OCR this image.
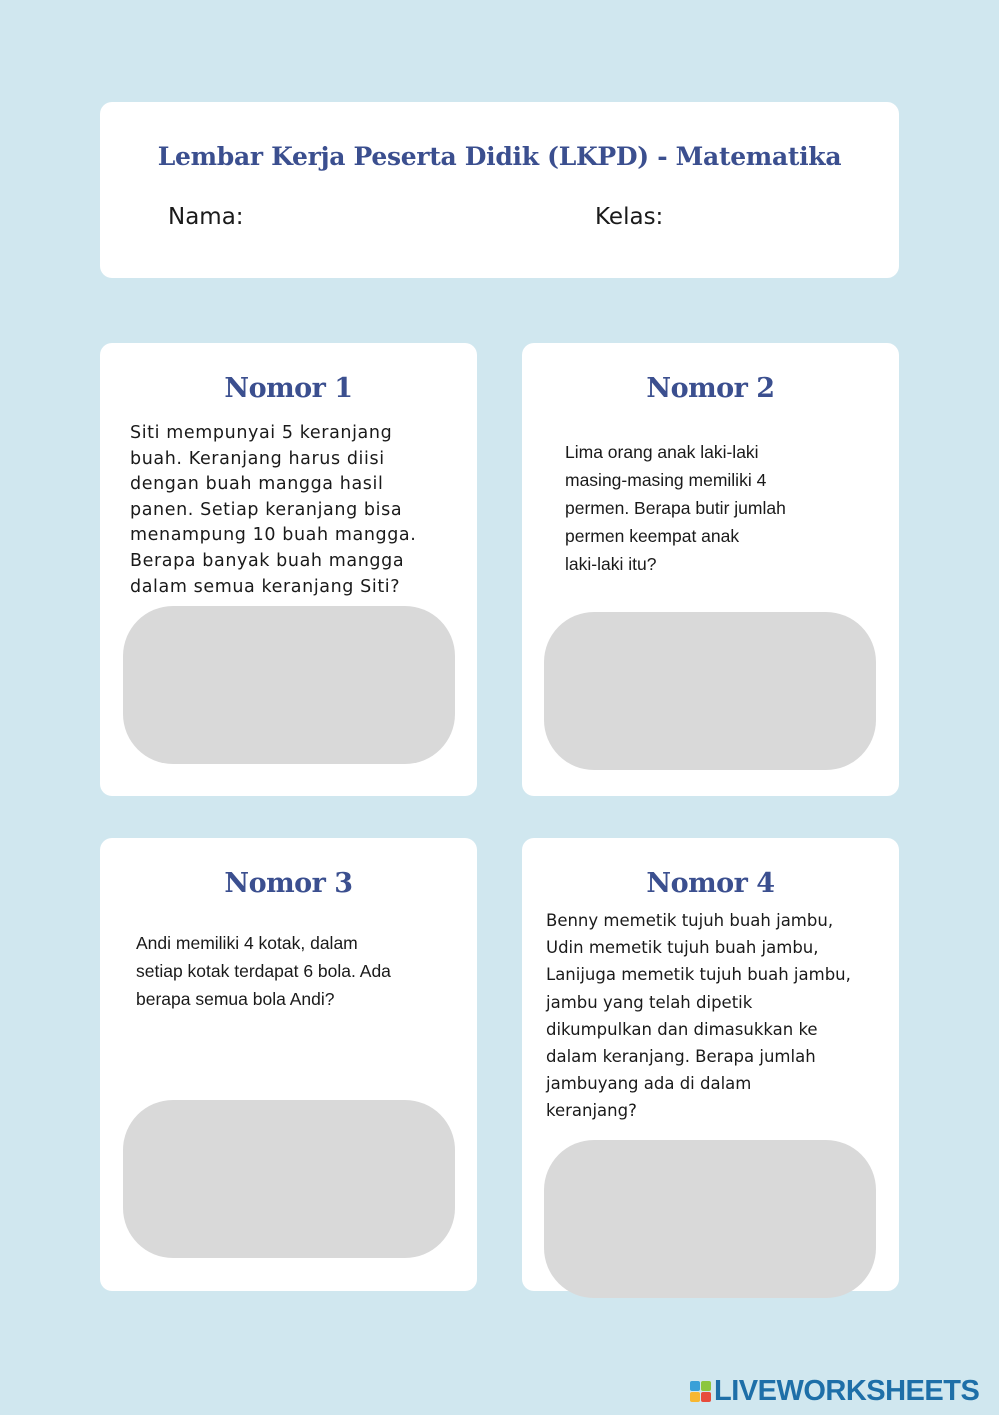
Lembar Kerja Peserta Didik (LKPD) - Matematika
Nama:	Kelas:
Nomor 1
Siti mempunyai 5 keranjang
buah. Keranjang harus diisi
dengan buah mangga hasil
panen. Setiap keranjang bisa
menampung 10 buah mangga.
Berapa banyak buah mangga
dalam semua keranjang Siti?
Nomor 2
Lima orang anak laki-laki
masing-masing memiliki 4
permen. Berapa butir jumlah
permen keempat anak
laki-laki itu?
Nomor 3
Andi memiliki 4 kotak, dalam
setiap kotak terdapat 6 bola. Ada
berapa semua bola Andi?
Nomor 4
Benny memetik tujuh buah jambu,
Udin memetik tujuh buah jambu,
Lanijuga memetik tujuh buah jambu,
jambu yang telah dipetik
dikumpulkan dan dimasukkan ke
dalam keranjang. Berapa jumlah
jambuyang ada di dalam
keranjang?
LIVEWORKSHEETS
